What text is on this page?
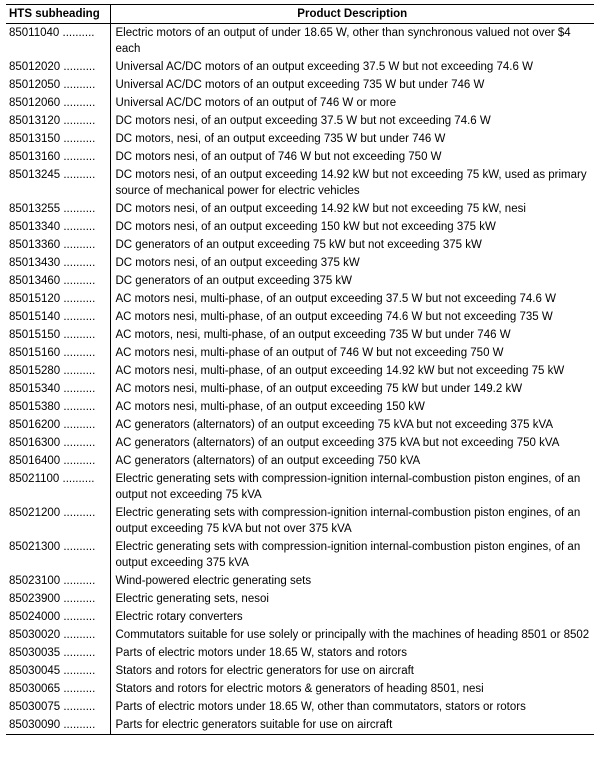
HTS subheading	Product Description
85011040 ..........	Electric motors of an output of under 18.65 W, other than synchronous valued not over $4 each
85012020 ..........	Universal AC/DC motors of an output exceeding 37.5 W but not exceeding 74.6 W
85012050 ..........	Universal AC/DC motors of an output exceeding 735 W but under 746 W
85012060 ..........	Universal AC/DC motors of an output of 746 W or more
85013120 ..........	DC motors nesi, of an output exceeding 37.5 W but not exceeding 74.6 W
85013150 ..........	DC motors, nesi, of an output exceeding 735 W but under 746 W
85013160 ..........	DC motors nesi, of an output of 746 W but not exceeding 750 W
85013245 ..........	DC motors nesi, of an output exceeding 14.92 kW but not exceeding 75 kW, used as primary source of mechanical power for electric vehicles
85013255 ..........	DC motors nesi, of an output exceeding 14.92 kW but not exceeding 75 kW, nesi
85013340 ..........	DC motors nesi, of an output exceeding 150 kW but not exceeding 375 kW
85013360 ..........	DC generators of an output exceeding 75 kW but not exceeding 375 kW
85013430 ..........	DC motors nesi, of an output exceeding 375 kW
85013460 ..........	DC generators of an output exceeding 375 kW
85015120 ..........	AC motors nesi, multi-phase, of an output exceeding 37.5 W but not exceeding 74.6 W
85015140 ..........	AC motors nesi, multi-phase, of an output exceeding 74.6 W but not exceeding 735 W
85015150 ..........	AC motors, nesi, multi-phase, of an output exceeding 735 W but under 746 W
85015160 ..........	AC motors nesi, multi-phase of an output of 746 W but not exceeding 750 W
85015280 ..........	AC motors nesi, multi-phase, of an output exceeding 14.92 kW but not exceeding 75 kW
85015340 ..........	AC motors nesi, multi-phase, of an output exceeding 75 kW but under 149.2 kW
85015380 ..........	AC motors nesi, multi-phase, of an output exceeding 150 kW
85016200 ..........	AC generators (alternators) of an output exceeding 75 kVA but not exceeding 375 kVA
85016300 ..........	AC generators (alternators) of an output exceeding 375 kVA but not exceeding 750 kVA
85016400 ..........	AC generators (alternators) of an output exceeding 750 kVA
85021100 ..........	Electric generating sets with compression-ignition internal-combustion piston engines, of an output not exceeding 75 kVA
85021200 ..........	Electric generating sets with compression-ignition internal-combustion piston engines, of an output exceeding 75 kVA but not over 375 kVA
85021300 ..........	Electric generating sets with compression-ignition internal-combustion piston engines, of an output exceeding 375 kVA
85023100 ..........	Wind-powered electric generating sets
85023900 ..........	Electric generating sets, nesoi
85024000 ..........	Electric rotary converters
85030020 ..........	Commutators suitable for use solely or principally with the machines of heading 8501 or 8502
85030035 ..........	Parts of electric motors under 18.65 W, stators and rotors
85030045 ..........	Stators and rotors for electric generators for use on aircraft
85030065 ..........	Stators and rotors for electric motors & generators of heading 8501, nesi
85030075 ..........	Parts of electric motors under 18.65 W, other than commutators, stators or rotors
85030090 ..........	Parts for electric generators suitable for use on aircraft
